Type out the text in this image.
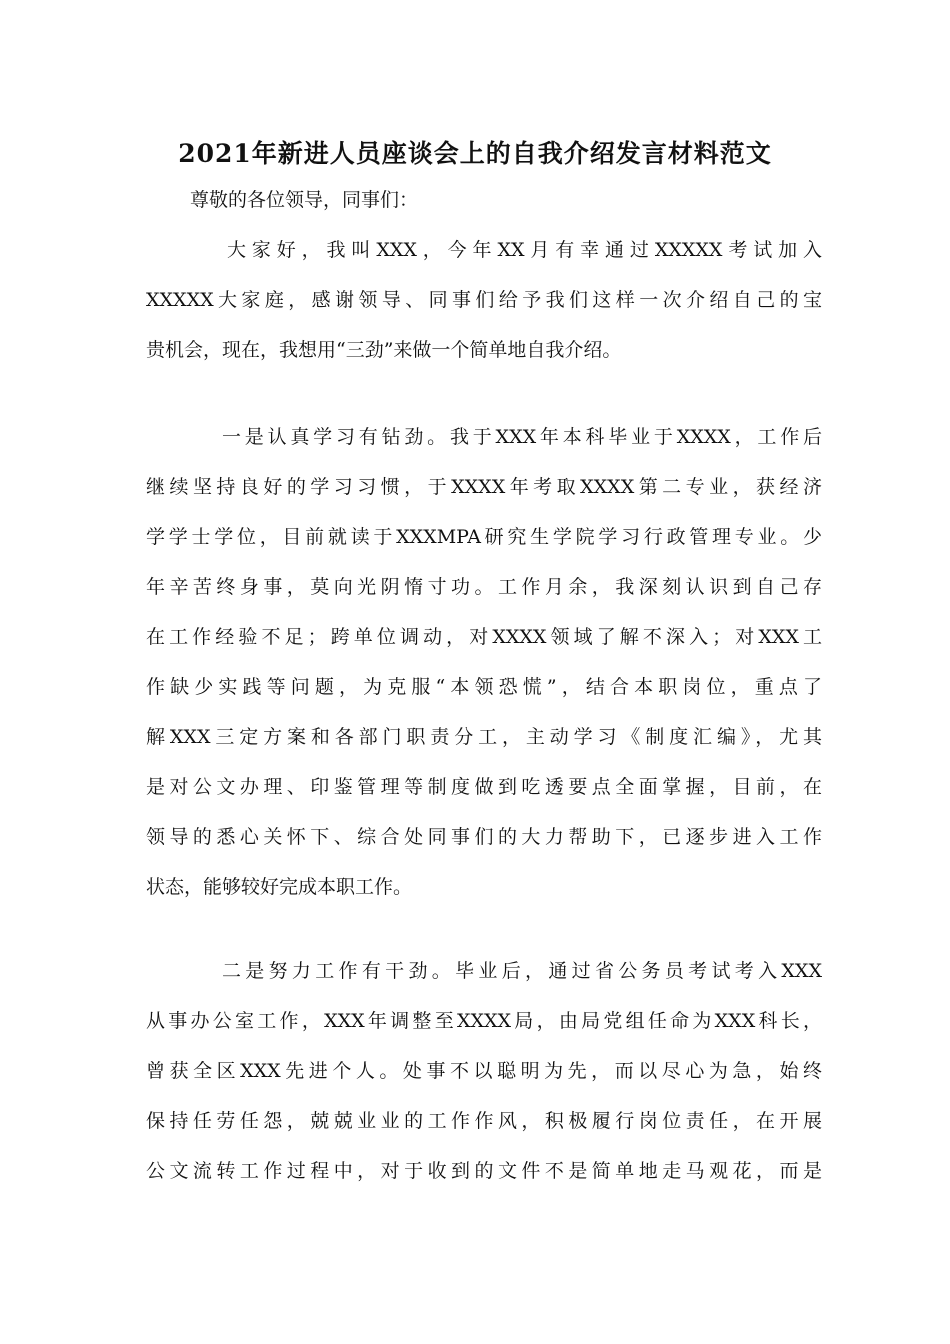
2021年新进人员座谈会上的自我介绍发言材料范文
尊敬的各位领导，同事们：
大家好，我叫XXX，今年XX月有幸通过XXXXX考试加入
XXXXX大家庭，感谢领导、同事们给予我们这样一次介绍自己的宝
贵机会，现在，我想用“三劲”来做一个简单地自我介绍。
一是认真学习有钻劲。我于XXX年本科毕业于XXXX，工作后
继续坚持良好的学习习惯，于XXXX年考取XXXX第二专业，获经济
学学士学位，目前就读于XXXMPA研究生学院学习行政管理专业。少
年辛苦终身事，莫向光阴惰寸功。工作月余，我深刻认识到自己存
在工作经验不足；跨单位调动，对XXXX领域了解不深入；对XXX工
作缺少实践等问题，为克服“本领恐慌”，结合本职岗位，重点了
解XXX三定方案和各部门职责分工，主动学习《制度汇编》，尤其
是对公文办理、印鉴管理等制度做到吃透要点全面掌握，目前，在
领导的悉心关怀下、综合处同事们的大力帮助下，已逐步进入工作
状态，能够较好完成本职工作。
二是努力工作有干劲。毕业后，通过省公务员考试考入XXX
从事办公室工作，XXX年调整至XXXX局，由局党组任命为XXX科长，
曾获全区XXX先进个人。处事不以聪明为先，而以尽心为急，始终
保持任劳任怨，兢兢业业的工作作风，积极履行岗位责任，在开展
公文流转工作过程中，对于收到的文件不是简单地走马观花，而是
